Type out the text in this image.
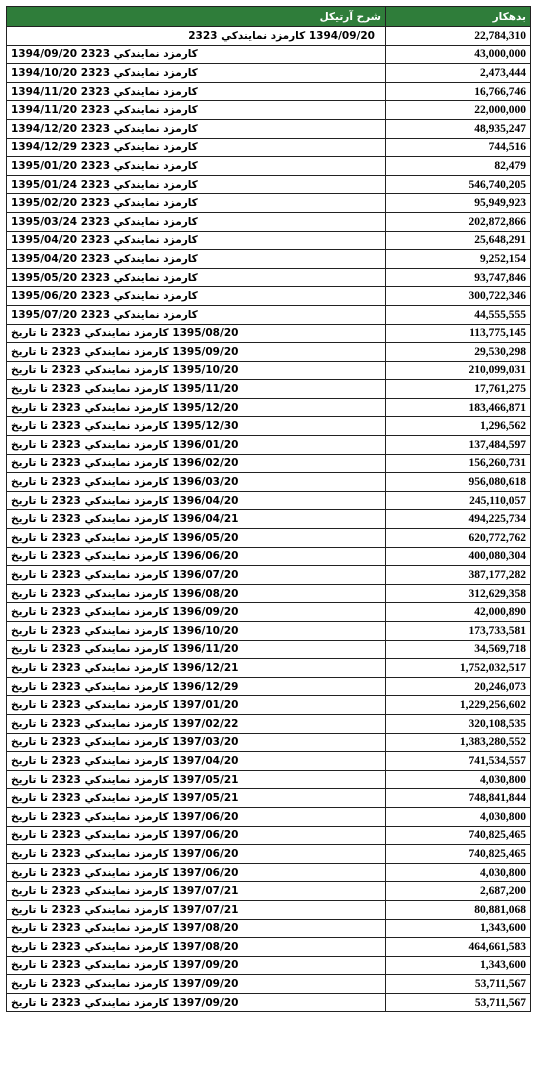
شرح آرتیکل	بدهکار
1394/09/20 كارمزد نمايندكي 2323	22,784,310
كارمزد نمايندكي 2323 1394/09/20	43,000,000
كارمزد نمايندكي 2323 1394/10/20	2,473,444
كارمزد نمايندكي 2323 1394/11/20	16,766,746
كارمزد نمايندكي 2323 1394/11/20	22,000,000
كارمزد نمايندكي 2323 1394/12/20	48,935,247
كارمزد نمايندكي 2323 1394/12/29	744,516
كارمزد نمايندكي 2323 1395/01/20	82,479
كارمزد نمايندكي 2323 1395/01/24	546,740,205
كارمزد نمايندكي 2323 1395/02/20	95,949,923
كارمزد نمايندكي 2323 1395/03/24	202,872,866
كارمزد نمايندكي 2323 1395/04/20	25,648,291
كارمزد نمايندكي 2323 1395/04/20	9,252,154
كارمزد نمايندكي 2323 1395/05/20	93,747,846
كارمزد نمايندكي 2323 1395/06/20	300,722,346
كارمزد نمايندكي 2323 1395/07/20	44,555,555
1395/08/20 كارمزد نمايندكي 2323 تا تاريخ	113,775,145
1395/09/20 كارمزد نمايندكي 2323 تا تاريخ	29,530,298
1395/10/20 كارمزد نمايندكي 2323 تا تاريخ	210,099,031
1395/11/20 كارمزد نمايندكي 2323 تا تاريخ	17,761,275
1395/12/20 كارمزد نمايندكي 2323 تا تاريخ	183,466,871
1395/12/30 كارمزد نمايندكي 2323 تا تاريخ	1,296,562
1396/01/20 كارمزد نمايندكي 2323 تا تاريخ	137,484,597
1396/02/20 كارمزد نمايندكي 2323 تا تاريخ	156,260,731
1396/03/20 كارمزد نمايندكي 2323 تا تاريخ	956,080,618
1396/04/20 كارمزد نمايندكي 2323 تا تاريخ	245,110,057
1396/04/21 كارمزد نمايندكي 2323 تا تاريخ	494,225,734
1396/05/20 كارمزد نمايندكي 2323 تا تاريخ	620,772,762
1396/06/20 كارمزد نمايندكي 2323 تا تاريخ	400,080,304
1396/07/20 كارمزد نمايندكي 2323 تا تاريخ	387,177,282
1396/08/20 كارمزد نمايندكي 2323 تا تاريخ	312,629,358
1396/09/20 كارمزد نمايندكي 2323 تا تاريخ	42,000,890
1396/10/20 كارمزد نمايندكي 2323 تا تاريخ	173,733,581
1396/11/20 كارمزد نمايندكي 2323 تا تاريخ	34,569,718
1396/12/21 كارمزد نمايندكي 2323 تا تاريخ	1,752,032,517
1396/12/29 كارمزد نمايندكي 2323 تا تاريخ	20,246,073
1397/01/20 كارمزد نمايندكي 2323 تا تاريخ	1,229,256,602
1397/02/22 كارمزد نمايندكي 2323 تا تاريخ	320,108,535
1397/03/20 كارمزد نمايندكي 2323 تا تاريخ	1,383,280,552
1397/04/20 كارمزد نمايندكي 2323 تا تاريخ	741,534,557
1397/05/21 كارمزد نمايندكي 2323 تا تاريخ	4,030,800
1397/05/21 كارمزد نمايندكي 2323 تا تاريخ	748,841,844
1397/06/20 كارمزد نمايندكي 2323 تا تاريخ	4,030,800
1397/06/20 كارمزد نمايندكي 2323 تا تاريخ	740,825,465
1397/06/20 كارمزد نمايندكي 2323 تا تاريخ	740,825,465
1397/06/20 كارمزد نمايندكي 2323 تا تاريخ	4,030,800
1397/07/21 كارمزد نمايندكي 2323 تا تاريخ	2,687,200
1397/07/21 كارمزد نمايندكي 2323 تا تاريخ	80,881,068
1397/08/20 كارمزد نمايندكي 2323 تا تاريخ	1,343,600
1397/08/20 كارمزد نمايندكي 2323 تا تاريخ	464,661,583
1397/09/20 كارمزد نمايندكي 2323 تا تاريخ	1,343,600
1397/09/20 كارمزد نمايندكي 2323 تا تاريخ	53,711,567
1397/09/20 كارمزد نمايندكي 2323 تا تاريخ	53,711,567
